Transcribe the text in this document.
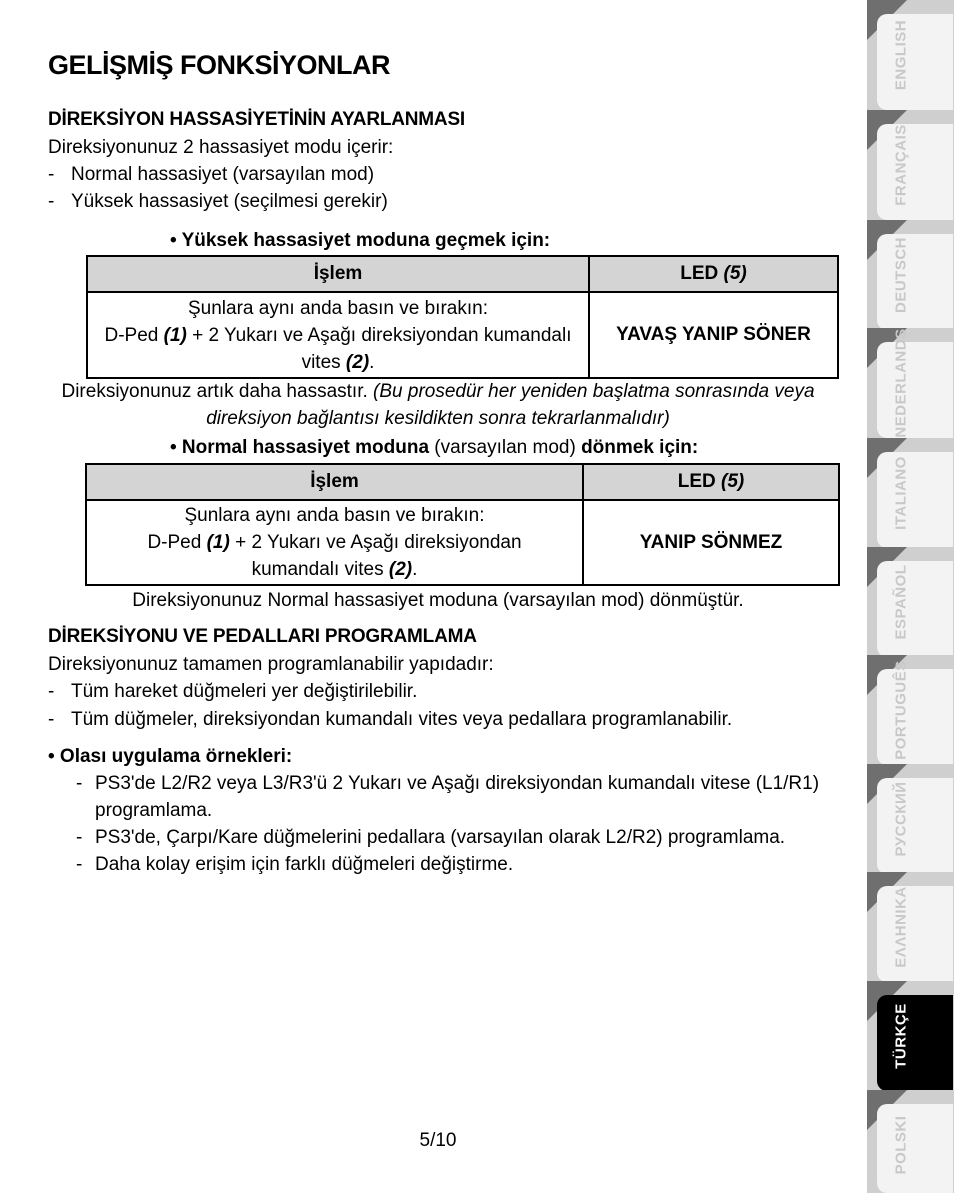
GELİŞMİŞ FONKSİYONLAR
DİREKSİYON HASSASİYETİNİN AYARLANMASI

Direksiyonunuz 2 hassasiyet modu içerir:

- Normal hassasiyet (varsayılan mod)
- Yüksek hassasiyet (seçilmesi gerekir)
• Yüksek hassasiyet moduna geçmek için:
İşlem	LED (5)

Şunlara aynı anda basın ve bırakın:
D-Ped (1) + 2 Yukarı ve Aşağı direksiyondan kumandalı
vites (2).	YAVAŞ YANIP SÖNER
Direksiyonunuz artık daha hassastır. (Bu prosedür her yeniden başlatma sonrasında veya
direksiyon bağlantısı kesildikten sonra tekrarlanmalıdır)
• Normal hassasiyet moduna (varsayılan mod) dönmek için:
İşlem	LED (5)

Şunlara aynı anda basın ve bırakın:
D-Ped (1) + 2 Yukarı ve Aşağı direksiyondan
kumandalı vites (2).	YANIP SÖNMEZ
Direksiyonunuz Normal hassasiyet moduna (varsayılan mod) dönmüştür.
DİREKSİYONU VE PEDALLARI PROGRAMLAMA

Direksiyonunuz tamamen programlanabilir yapıdadır:

- Tüm hareket düğmeleri yer değiştirilebilir.
- Tüm düğmeler, direksiyondan kumandalı vites veya pedallara programlanabilir.
• Olası uygulama örnekleri:
- PS3'de L2/R2 veya L3/R3'ü 2 Yukarı ve Aşağı direksiyondan kumandalı vitese (L1/R1)
programlama.
- PS3'de, Çarpı/Kare düğmelerini pedallara (varsayılan olarak L2/R2) programlama.
- Daha kolay erişim için farklı düğmeleri değiştirme.
5/10
ENGLISH
FRANÇAIS
DEUTSCH
NEDERLANDS
ITALIANO
ESPAÑOL
PORTUGUÊS
РУССКИЙ
ΕΛΛΗΝΙΚΑ
TÜRKÇE
POLSKI
